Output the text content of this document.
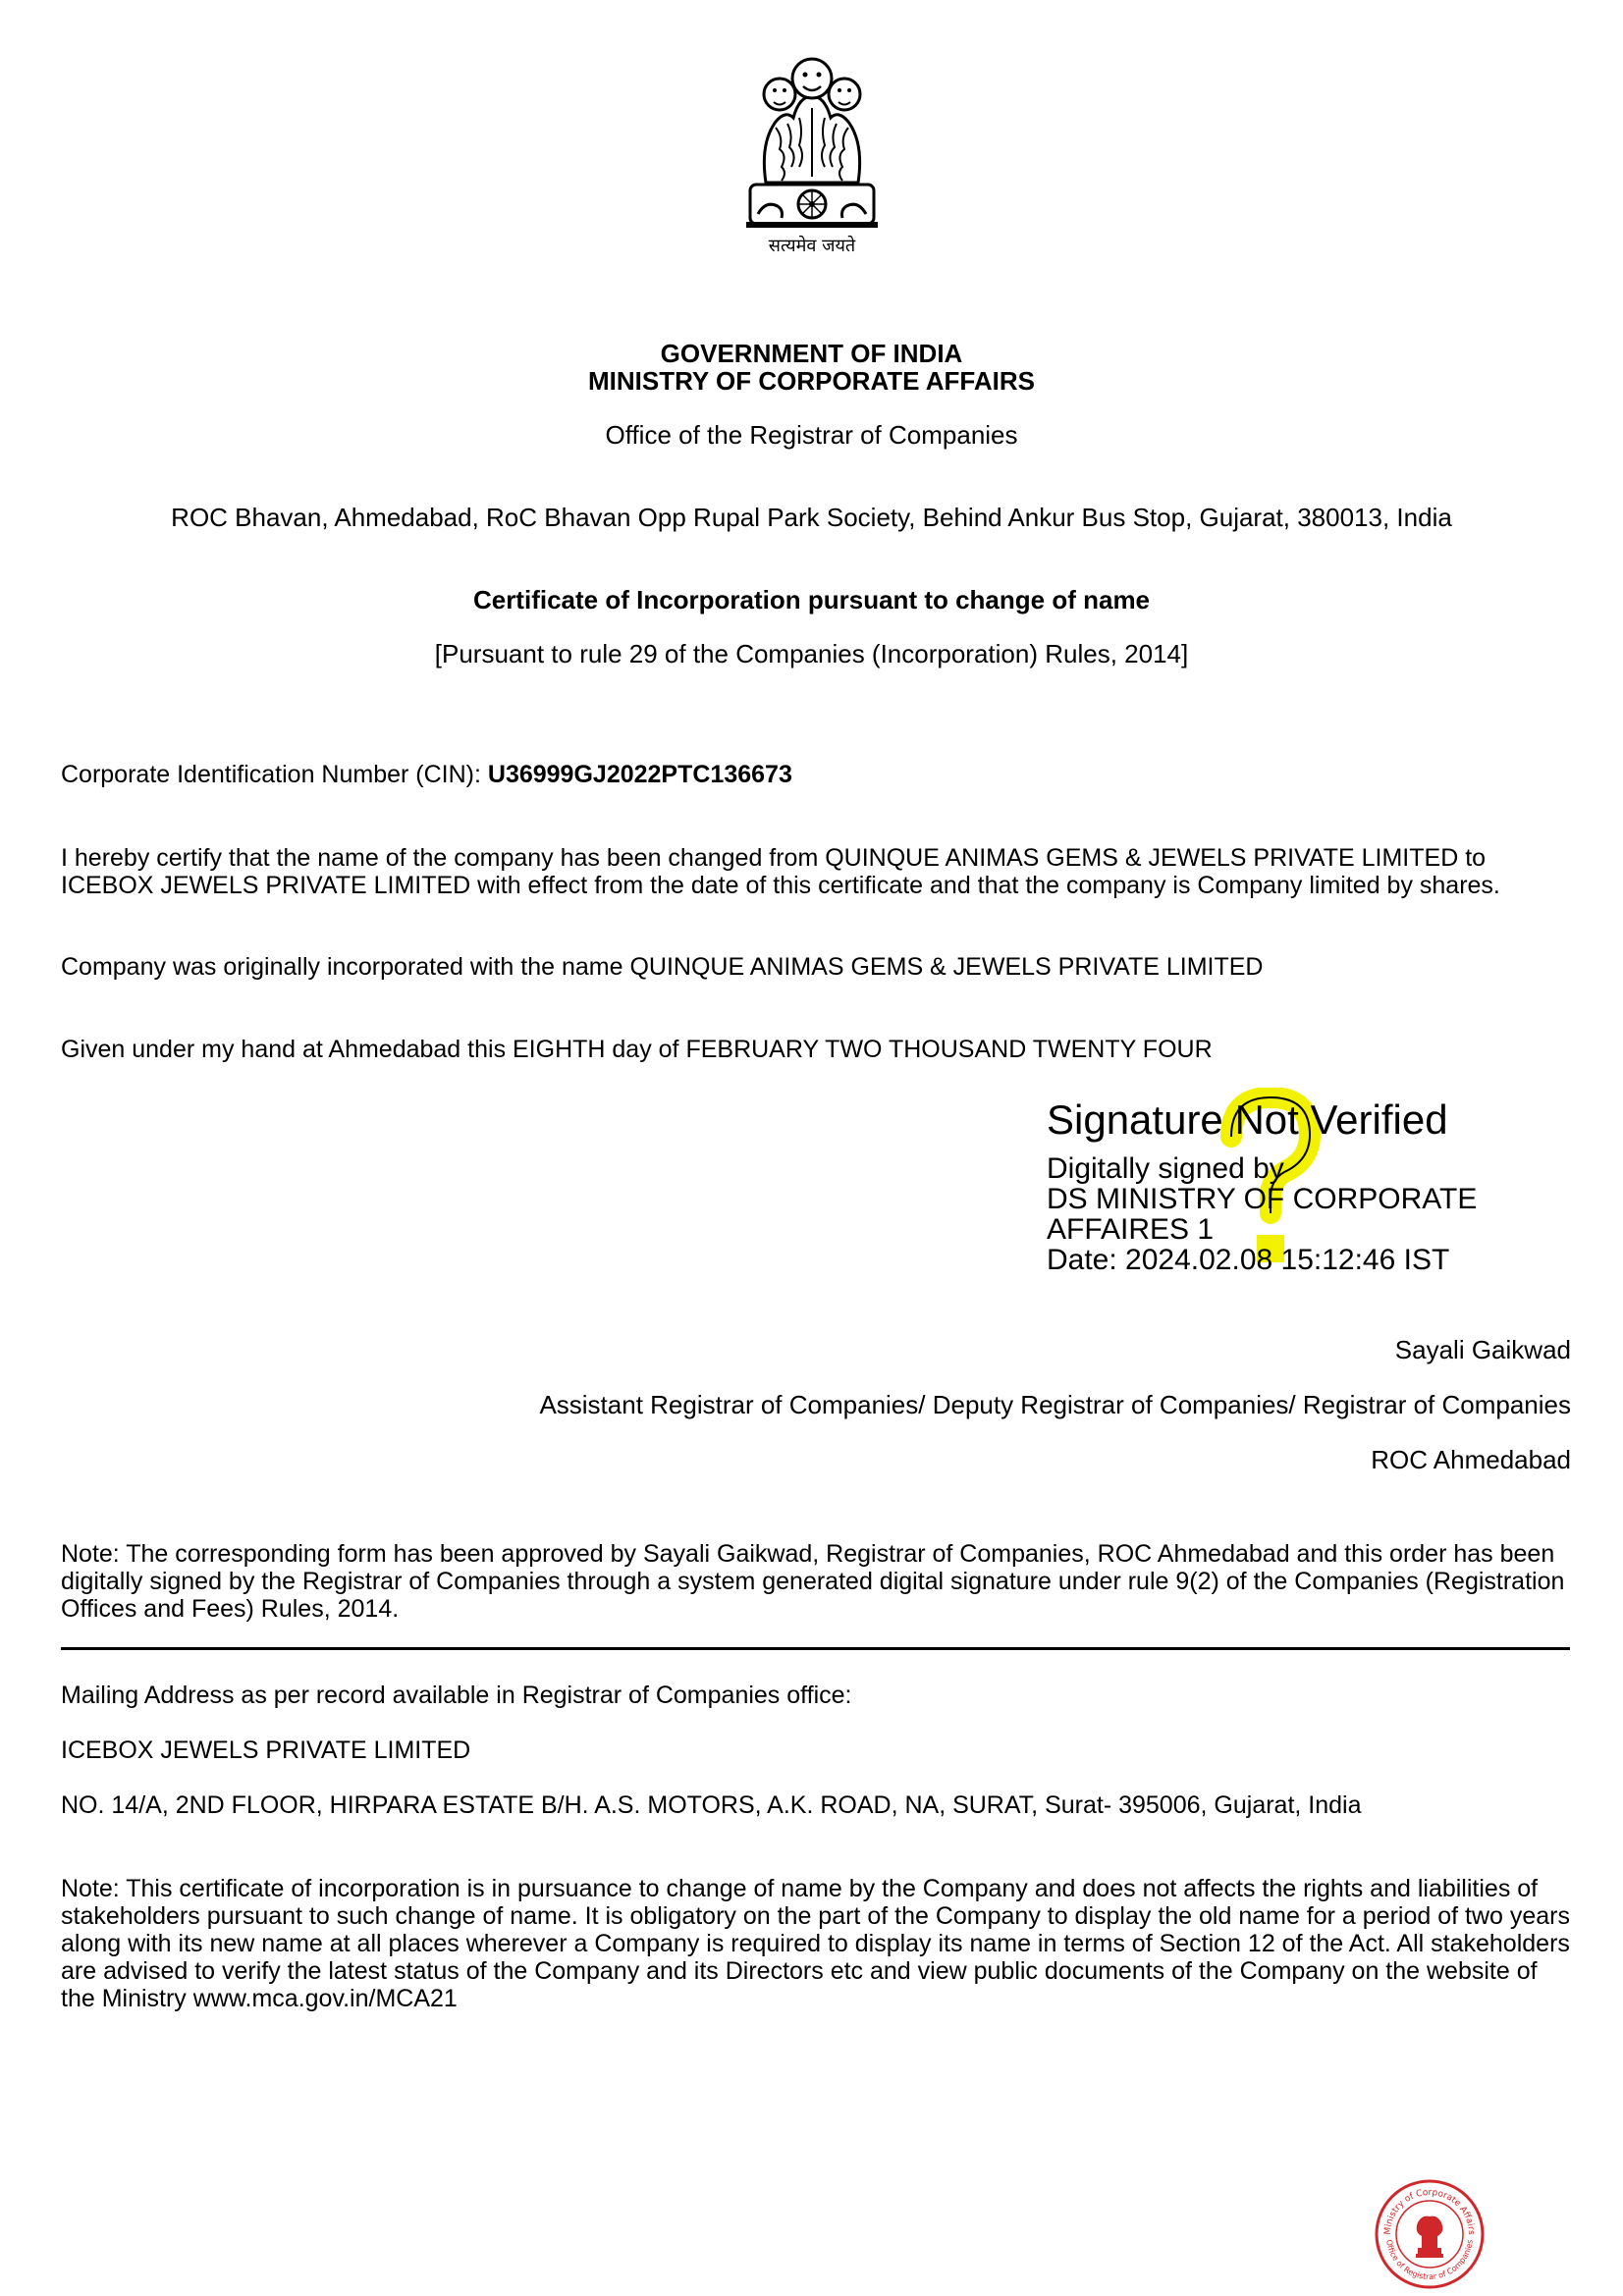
सत्यमेव जयते
GOVERNMENT OF INDIA
MINISTRY OF CORPORATE AFFAIRS
Office of the Registrar of Companies
ROC Bhavan, Ahmedabad, RoC Bhavan Opp Rupal Park Society, Behind Ankur Bus Stop, Gujarat, 380013, India
Certificate of Incorporation pursuant to change of name
[Pursuant to rule 29 of the Companies (Incorporation) Rules, 2014]
Corporate Identification Number (CIN): U36999GJ2022PTC136673
I hereby certify that the name of the company has been changed from QUINQUE ANIMAS GEMS & JEWELS PRIVATE LIMITED to ICEBOX JEWELS PRIVATE LIMITED with effect from the date of this certificate and that the company is Company limited by shares.
Company was originally incorporated with the name QUINQUE ANIMAS GEMS & JEWELS PRIVATE LIMITED
Given under my hand at Ahmedabad this EIGHTH day of FEBRUARY TWO THOUSAND TWENTY FOUR
Signature Not Verified
Digitally signed by
DS MINISTRY OF CORPORATE
AFFAIRES 1
Date: 2024.02.08 15:12:46 IST
Sayali Gaikwad
Assistant Registrar of Companies/ Deputy Registrar of Companies/ Registrar of Companies
ROC Ahmedabad
Note: The corresponding form has been approved by Sayali Gaikwad, Registrar of Companies, ROC Ahmedabad and this order has been digitally signed by the Registrar of Companies through a system generated digital signature under rule 9(2) of the Companies (Registration Offices and Fees) Rules, 2014.
Mailing Address as per record available in Registrar of Companies office:
ICEBOX JEWELS PRIVATE LIMITED
NO. 14/A, 2ND FLOOR, HIRPARA ESTATE B/H. A.S. MOTORS, A.K. ROAD, NA, SURAT, Surat- 395006, Gujarat, India
Note: This certificate of incorporation is in pursuance to change of name by the Company and does not affects the rights and liabilities of stakeholders pursuant to such change of name. It is obligatory on the part of the Company to display the old name for a period of two years along with its new name at all places wherever a Company is required to display its name in terms of Section 12 of the Act. All stakeholders are advised to verify the latest status of the Company and its Directors etc and view public documents of the Company on the website of the Ministry www.mca.gov.in/MCA21
Ministry of Corporate Affairs
Office of Registrar of Companies
